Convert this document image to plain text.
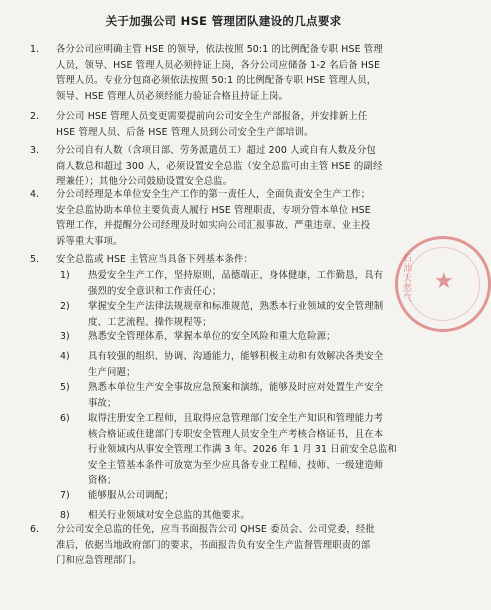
关于加强公司 HSE 管理团队建设的几点要求
1. 各分公司应明确主管 HSE 的领导，依法按照 50:1 的比例配备专职 HSE 管理
人员，领导、HSE 管理人员必须持证上岗，各分公司应储备 1-2 名后备 HSE
管理人员。专业分包商必须依法按照 50:1 的比例配备专职 HSE 管理人员，
领导、HSE 管理人员必须经能力验证合格且持证上岗。
2. 分公司 HSE 管理人员变更需要提前向公司安全生产部报备，并安排新上任
HSE 管理人员、后备 HSE 管理人员到公司安全生产部培训。
3. 分公司自有人数（含项目部、劳务派遣员工）超过 200 人或自有人数及分包
商人数总和超过 300 人，必须设置安全总监（安全总监可由主管 HSE 的副经
理兼任）；其他分公司鼓励设置安全总监。
4. 分公司经理是本单位安全生产工作的第一责任人，全面负责安全生产工作；
安全总监协助本单位主要负责人履行 HSE 管理职责，专项分管本单位 HSE
管理工作，并提醒分公司经理及时如实向公司汇报事故、严重违章、业主投
诉等重大事项。
5. 安全总监或 HSE 主管应当具备下列基本条件：
1) 热爱安全生产工作，坚持原则，品德端正，身体健康，工作勤恳，具有
强烈的安全意识和工作责任心；
2) 掌握安全生产法律法规规章和标准规范，熟悉本行业领域的安全管理制
度、工艺流程、操作规程等；
3) 熟悉安全管理体系，掌握本单位的安全风险和重大危险源；
4) 具有较强的组织、协调、沟通能力，能够积极主动和有效解决各类安全
生产问题；
5) 熟悉本单位生产安全事故应急预案和演练，能够及时应对处置生产安全
事故；
6) 取得注册安全工程师，且取得应急管理部门安全生产知识和管理能力考
核合格证或住建部门专职安全管理人员安全生产考核合格证书，且在本
行业领域内从事安全管理工作满 3 年。2026 年 1 月 31 日前安全总监和
安全主管基本条件可放宽为至少应具备专业工程师、技师、一级建造师
资格；
7) 能够服从公司调配；
8) 相关行业领域对安全总监的其他要求。
6. 分公司安全总监的任免，应当书面报告公司 QHSE 委员会、公司党委，经批
准后，依据当地政府部门的要求，书面报告负有安全生产监督管理职责的部
门和应急管理部门。
★
石油天然气
